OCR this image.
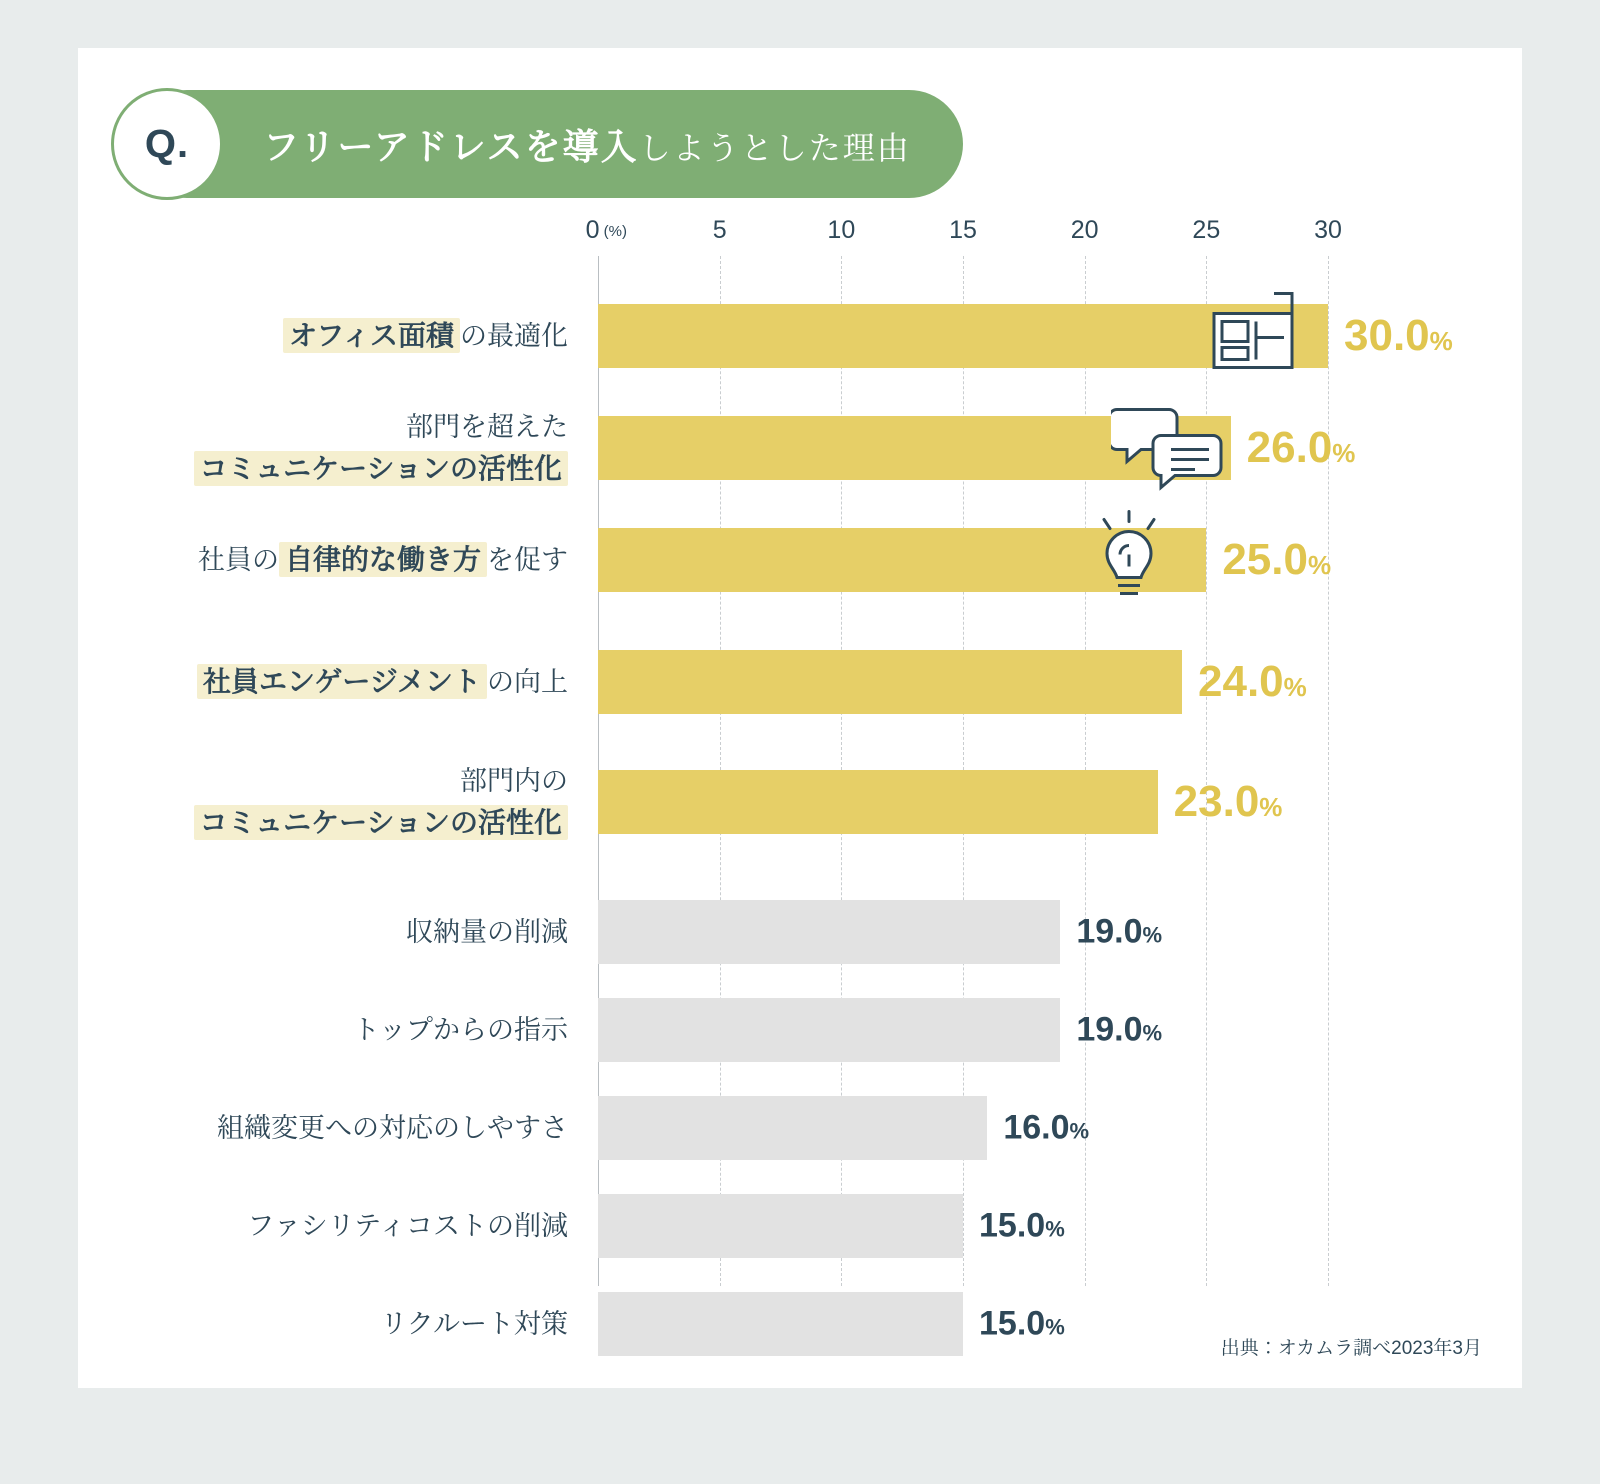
Q. フリーアドレスを導入しようとした理由
0 (%)	5	10	15	20	25	30
オフィス面積 の最適化	30.0%
部門を超えた
コミュニケーションの活性化	26.0%
社員の 自律的な働き方 を促す	25.0%
社員エンゲージメント の向上	24.0%
部門内の
コミュニケーションの活性化	23.0%
収納量の削減	19.0%
トップからの指示	19.0%
組織変更への対応のしやすさ	16.0%
ファシリティコストの削減	15.0%
リクルート対策	15.0%
出典：オカムラ調べ2023年3月
